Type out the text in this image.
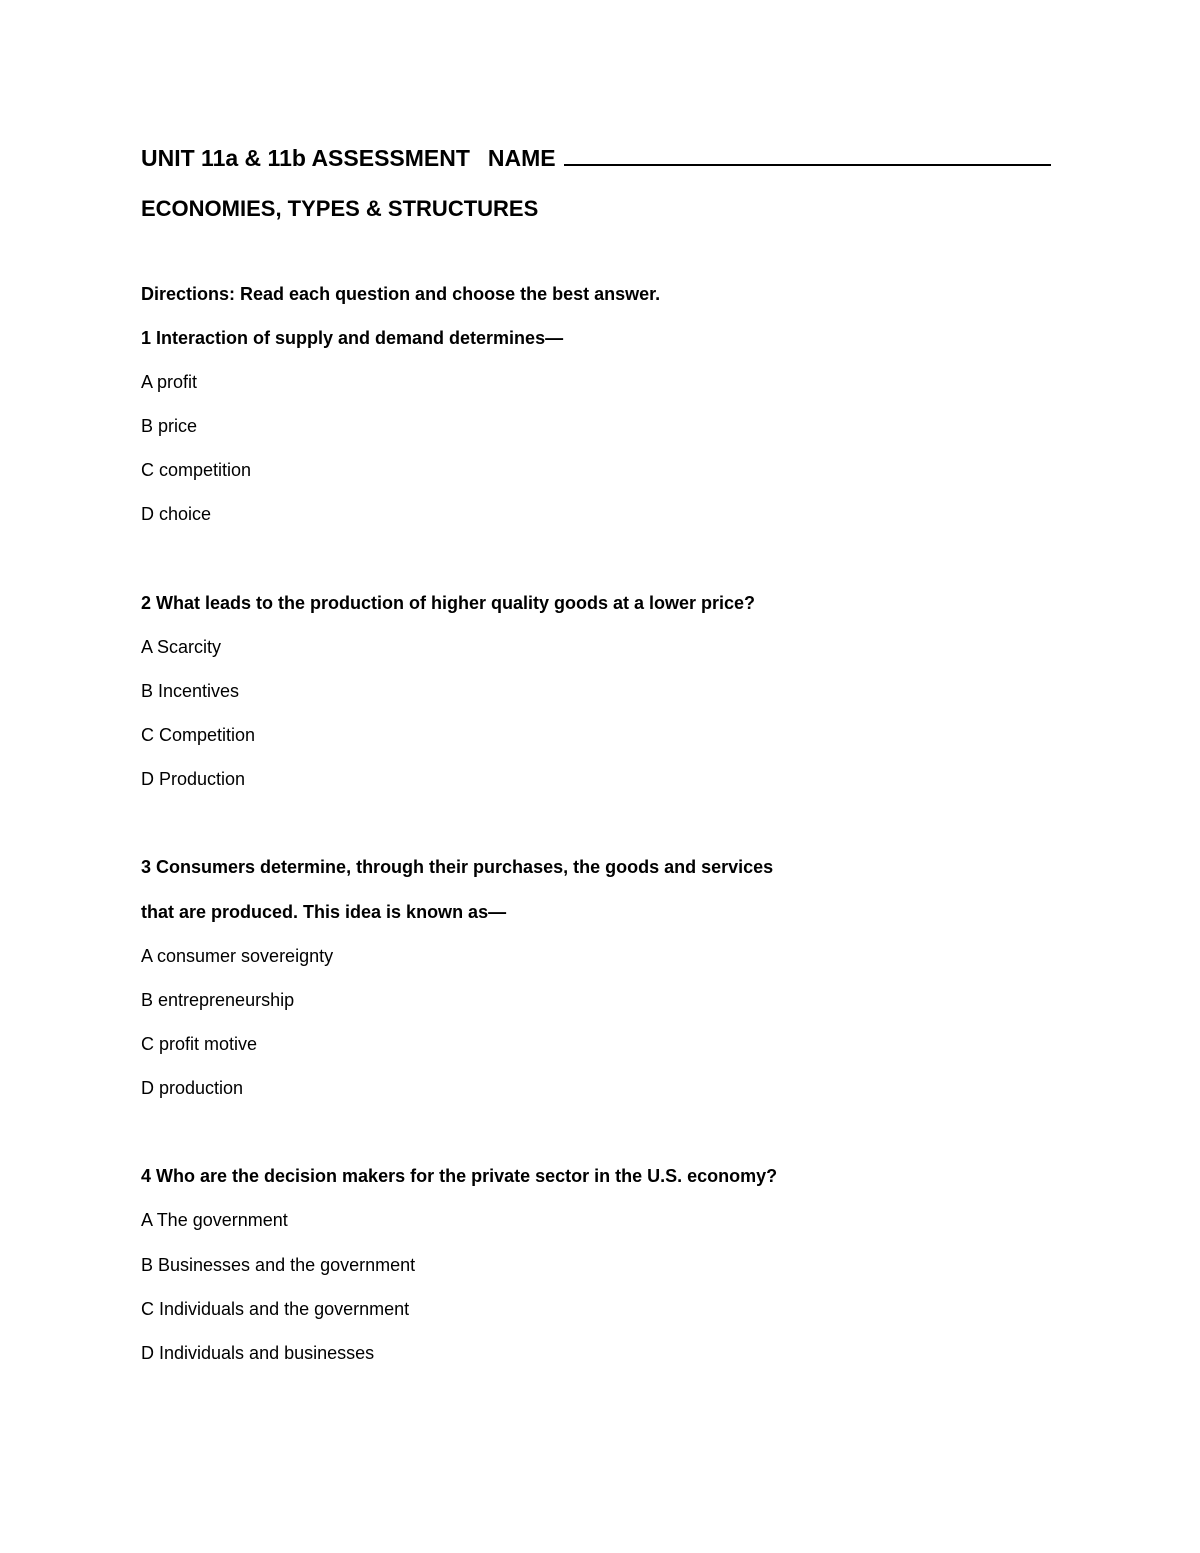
UNIT 11a & 11b ASSESSMENT NAME
ECONOMIES, TYPES & STRUCTURES
Directions: Read each question and choose the best answer.
1 Interaction of supply and demand determines—
A profit
B price
C competition
D choice
2 What leads to the production of higher quality goods at a lower price?
A Scarcity
B Incentives
C Competition
D Production
3 Consumers determine, through their purchases, the goods and services
that are produced. This idea is known as—
A consumer sovereignty
B entrepreneurship
C profit motive
D production
4 Who are the decision makers for the private sector in the U.S. economy?
A The government
B Businesses and the government
C Individuals and the government
D Individuals and businesses
